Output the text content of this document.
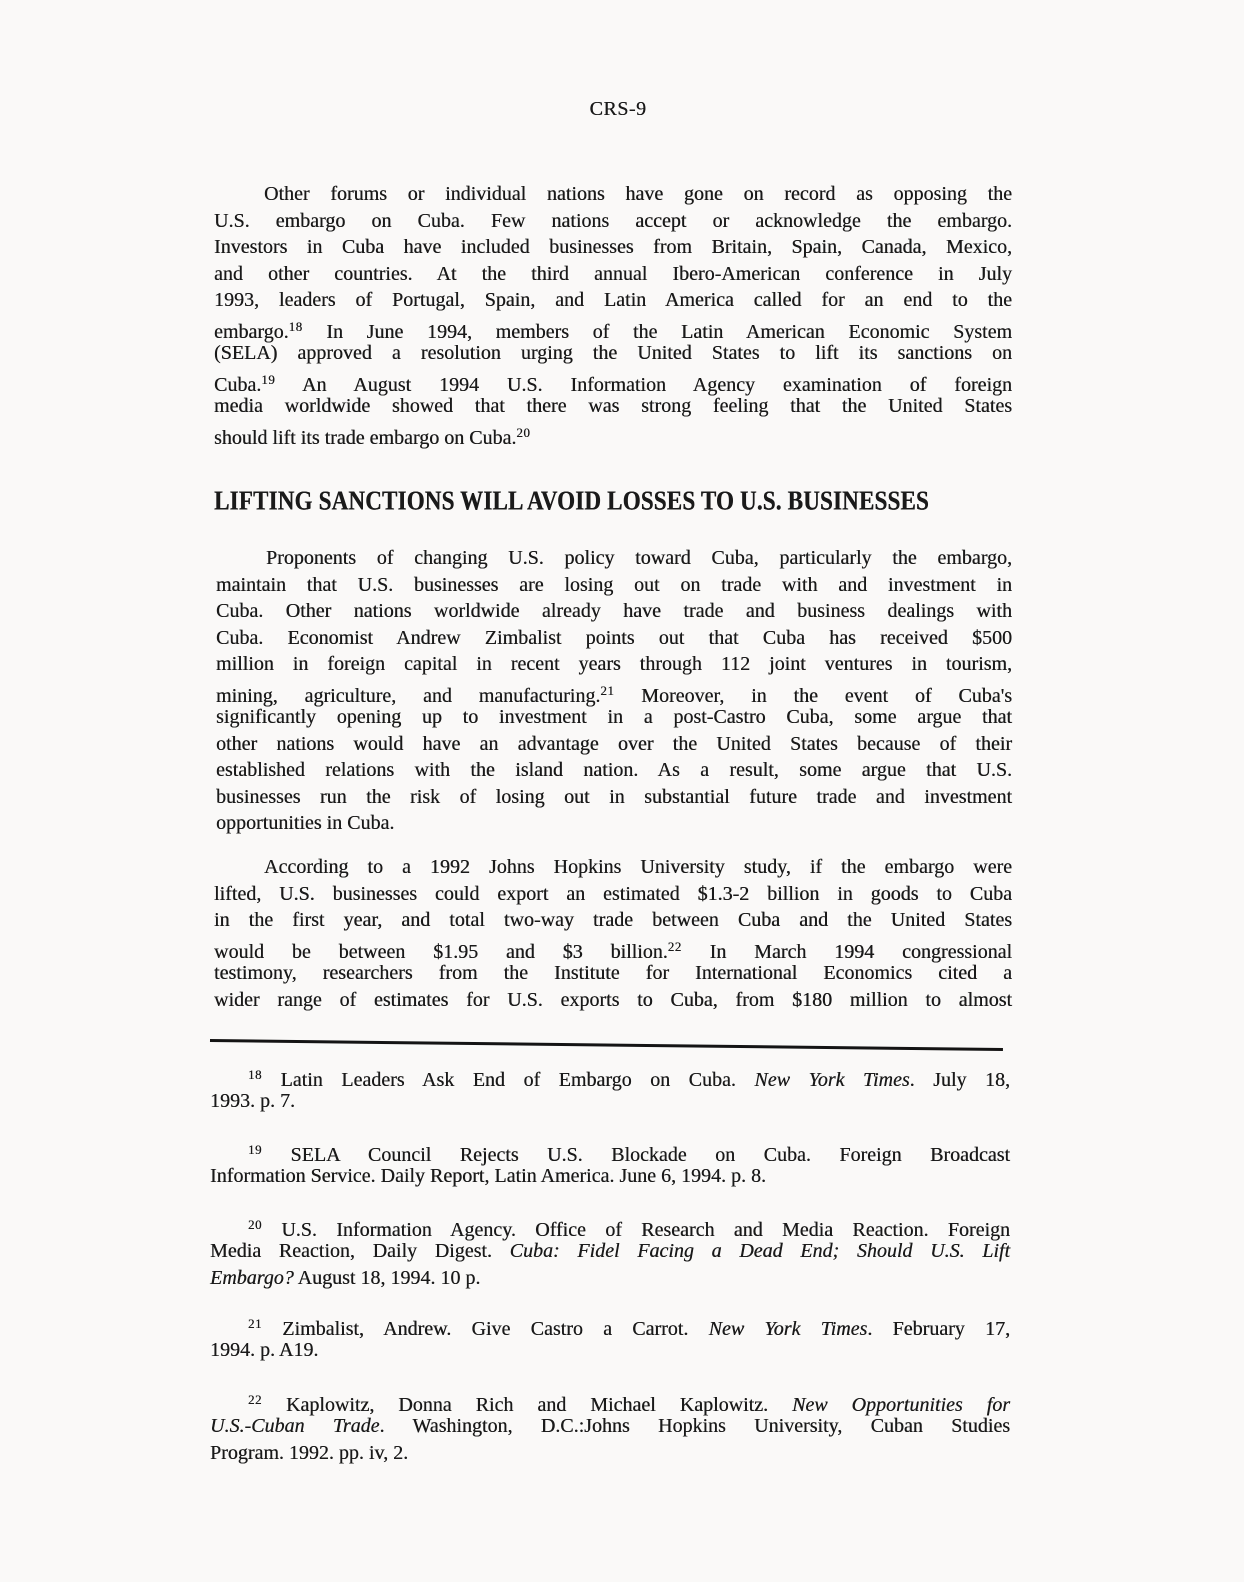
CRS-9
Other forums or individual nations have gone on record as opposing the
U.S. embargo on Cuba. Few nations accept or acknowledge the embargo.
Investors in Cuba have included businesses from Britain, Spain, Canada, Mexico,
and other countries. At the third annual Ibero-American conference in July
1993, leaders of Portugal, Spain, and Latin America called for an end to the
embargo.$^{18}$ In June 1994, members of the Latin American Economic System
(SELA) approved a resolution urging the United States to lift its sanctions on
Cuba.$^{19}$ An August 1994 U.S. Information Agency examination of foreign
media worldwide showed that there was strong feeling that the United States
should lift its trade embargo on Cuba.$^{20}$
LIFTING SANCTIONS WILL AVOID LOSSES TO U.S. BUSINESSES
Proponents of changing U.S. policy toward Cuba, particularly the embargo,
maintain that U.S. businesses are losing out on trade with and investment in
Cuba. Other nations worldwide already have trade and business dealings with
Cuba. Economist Andrew Zimbalist points out that Cuba has received $500
million in foreign capital in recent years through 112 joint ventures in tourism,
mining, agriculture, and manufacturing.$^{21}$ Moreover, in the event of Cuba's
significantly opening up to investment in a post-Castro Cuba, some argue that
other nations would have an advantage over the United States because of their
established relations with the island nation. As a result, some argue that U.S.
businesses run the risk of losing out in substantial future trade and investment
opportunities in Cuba.
According to a 1992 Johns Hopkins University study, if the embargo were
lifted, U.S. businesses could export an estimated $1.3-2 billion in goods to Cuba
in the first year, and total two-way trade between Cuba and the United States
would be between $1.95 and $3 billion.$^{22}$ In March 1994 congressional
testimony, researchers from the Institute for International Economics cited a
wider range of estimates for U.S. exports to Cuba, from $180 million to almost
$^{18}$ Latin Leaders Ask End of Embargo on Cuba. New York Times. July 18,
1993. p. 7.
$^{19}$ SELA Council Rejects U.S. Blockade on Cuba. Foreign Broadcast
Information Service. Daily Report, Latin America. June 6, 1994. p. 8.
$^{20}$ U.S. Information Agency. Office of Research and Media Reaction. Foreign
Media Reaction, Daily Digest. Cuba: Fidel Facing a Dead End; Should U.S. Lift
Embargo? August 18, 1994. 10 p.
$^{21}$ Zimbalist, Andrew. Give Castro a Carrot. New York Times. February 17,
1994. p. A19.
$^{22}$ Kaplowitz, Donna Rich and Michael Kaplowitz. New Opportunities for
U.S.-Cuban Trade. Washington, D.C.:Johns Hopkins University, Cuban Studies
Program. 1992. pp. iv, 2.
